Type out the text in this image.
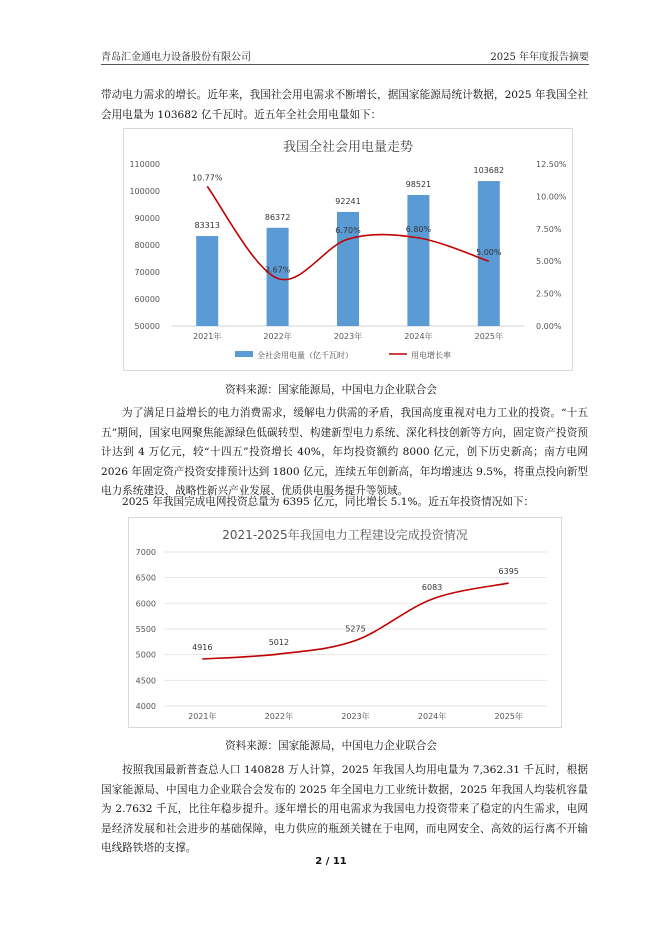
青岛汇金通电力设备股份有限公司	2025 年年度报告摘要

带动电力需求的增长。近年来，我国社会用电需求不断增长，据国家能源局统计数据，2025 年我国全社会用电量为 103682 亿千瓦时。近五年全社会用电量如下：

我国全社会用电量走势
50000
60000
70000
80000
90000
100000
110000
0.00%
2.50%
5.00%
7.50%
10.00%
12.50%
83313
86372
92241
98521
103682
10.77%
3.67%
6.70%	6.80%
5.00%
2021年	2022年	2023年	2024年	2025年
全社会用电量（亿千瓦时）	用电增长率
资料来源：国家能源局，中国电力企业联合会

为了满足日益增长的电力消费需求，缓解电力供需的矛盾，我国高度重视对电力工业的投资。“十五五”期间，国家电网聚焦能源绿色低碳转型、构建新型电力系统、深化科技创新等方向，固定资产投资预计达到 4 万亿元，较“十四五”投资增长 40%，年均投资额约 8000 亿元，创下历史新高；南方电网 2026 年固定资产投资安排预计达到 1800 亿元，连续五年创新高，年均增速达 9.5%，将重点投向新型电力系统建设、战略性新兴产业发展、优质供电服务提升等领域。

2025 年我国完成电网投资总量为 6395 亿元，同比增长 5.1%。近五年投资情况如下：

2021-2025年我国电力工程建设完成投资情况
4000
4500
5000
5500
6000
6500
7000
4916
5012
5275
6083
6395
2021年	2022年	2023年	2024年	2025年
资料来源：国家能源局，中国电力企业联合会

按照我国最新普查总人口 140828 万人计算，2025 年我国人均用电量为 7,362.31 千瓦时，根据国家能源局、中国电力企业联合会发布的 2025 年全国电力工业统计数据，2025 年我国人均装机容量为 2.7632 千瓦，比往年稳步提升。逐年增长的用电需求为我国电力投资带来了稳定的内生需求，电网是经济发展和社会进步的基础保障，电力供应的瓶颈关键在于电网，而电网安全、高效的运行离不开输电线路铁塔的支撑。

2 / 11
